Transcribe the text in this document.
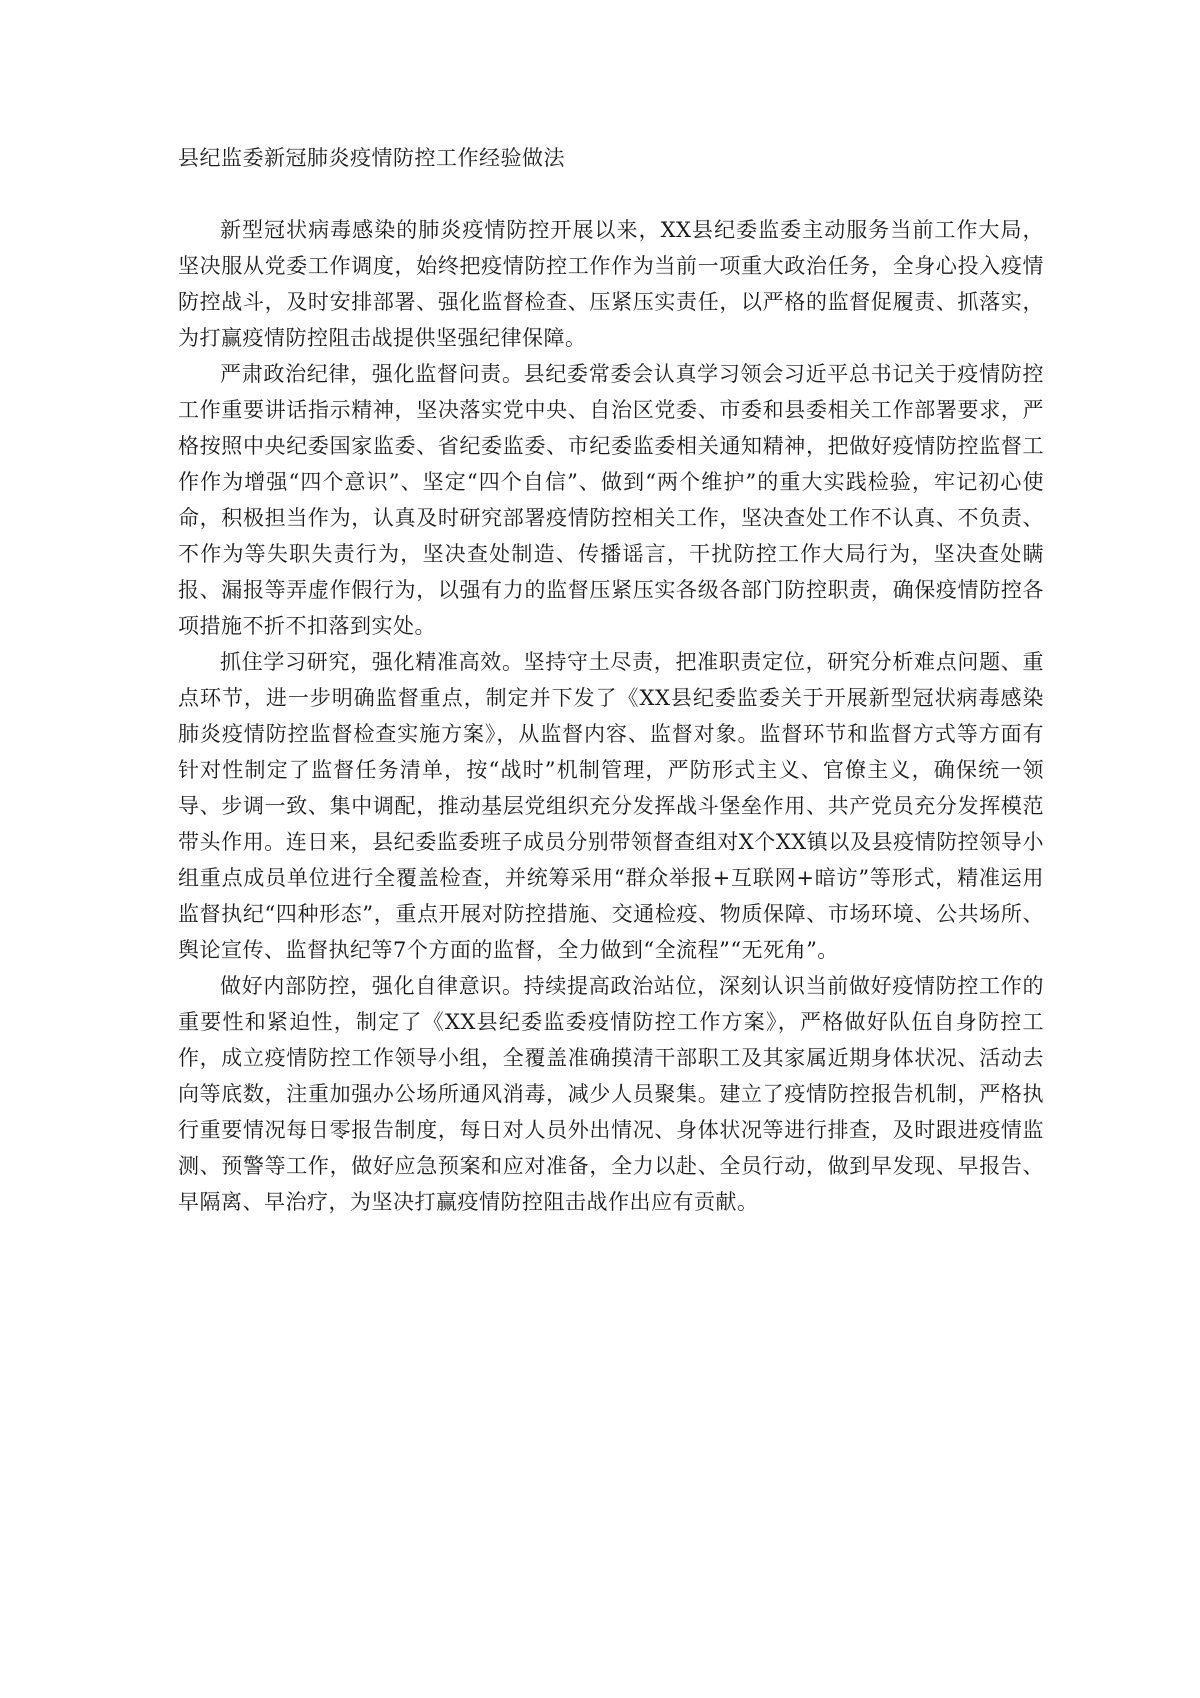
县纪监委新冠肺炎疫情防控工作经验做法

新型冠状病毒感染的肺炎疫情防控开展以来，XX县纪委监委主动服务当前工作大局，坚决服从党委工作调度，始终把疫情防控工作作为当前一项重大政治任务，全身心投入疫情防控战斗，及时安排部署、强化监督检查、压紧压实责任，以严格的监督促履责、抓落实，为打赢疫情防控阻击战提供坚强纪律保障。

严肃政治纪律，强化监督问责。县纪委常委会认真学习领会习近平总书记关于疫情防控工作重要讲话指示精神，坚决落实党中央、自治区党委、市委和县委相关工作部署要求，严格按照中央纪委国家监委、省纪委监委、市纪委监委相关通知精神，把做好疫情防控监督工作作为增强“四个意识”、坚定“四个自信”、做到“两个维护”的重大实践检验，牢记初心使命，积极担当作为，认真及时研究部署疫情防控相关工作，坚决查处工作不认真、不负责、不作为等失职失责行为，坚决查处制造、传播谣言，干扰防控工作大局行为，坚决查处瞒报、漏报等弄虚作假行为，以强有力的监督压紧压实各级各部门防控职责，确保疫情防控各项措施不折不扣落到实处。

抓住学习研究，强化精准高效。坚持守土尽责，把准职责定位，研究分析难点问题、重点环节，进一步明确监督重点，制定并下发了《XX县纪委监委关于开展新型冠状病毒感染肺炎疫情防控监督检查实施方案》，从监督内容、监督对象。监督环节和监督方式等方面有针对性制定了监督任务清单，按“战时”机制管理，严防形式主义、官僚主义，确保统一领导、步调一致、集中调配，推动基层党组织充分发挥战斗堡垒作用、共产党员充分发挥模范带头作用。连日来，县纪委监委班子成员分别带领督查组对X个XX镇以及县疫情防控领导小组重点成员单位进行全覆盖检查，并统筹采用“群众举报+互联网+暗访”等形式，精准运用监督执纪“四种形态”，重点开展对防控措施、交通检疫、物质保障、市场环境、公共场所、舆论宣传、监督执纪等7个方面的监督，全力做到“全流程”“无死角”。

做好内部防控，强化自律意识。持续提高政治站位，深刻认识当前做好疫情防控工作的重要性和紧迫性，制定了《XX县纪委监委疫情防控工作方案》，严格做好队伍自身防控工作，成立疫情防控工作领导小组，全覆盖准确摸清干部职工及其家属近期身体状况、活动去向等底数，注重加强办公场所通风消毒，减少人员聚集。建立了疫情防控报告机制，严格执行重要情况每日零报告制度，每日对人员外出情况、身体状况等进行排查，及时跟进疫情监测、预警等工作，做好应急预案和应对准备，全力以赴、全员行动，做到早发现、早报告、早隔离、早治疗，为坚决打赢疫情防控阻击战作出应有贡献。
